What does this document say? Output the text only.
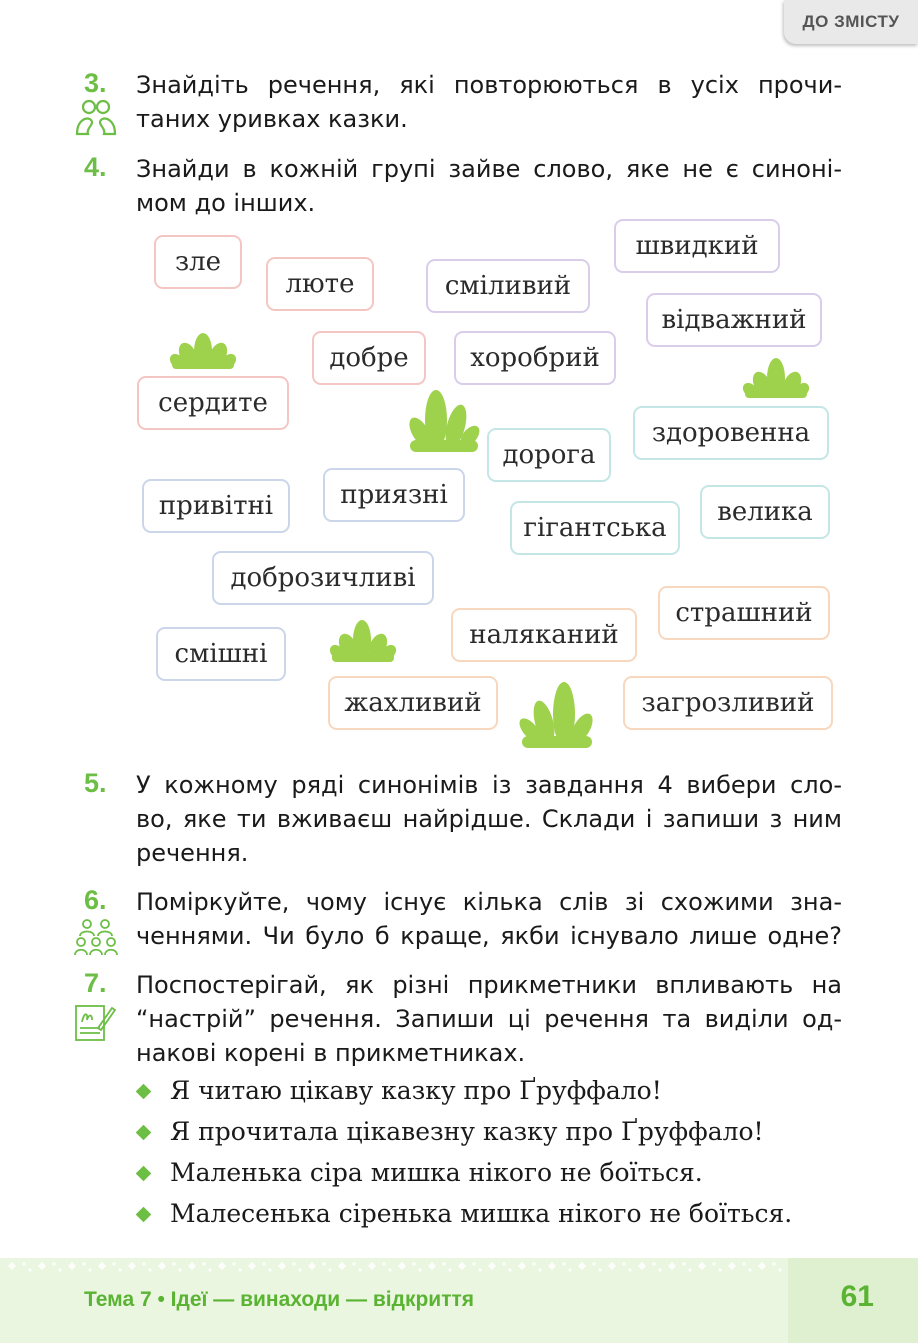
ДО ЗМІСТУ
3. Знайдіть речення, які повторюються в усіх прочи-
таних уривках казки.
4. Знайди в кожній групі зайве слово, яке не є синоні-
мом до інших.
зле
люте	сміливий
швидкий
відважний
добре	хоробрий
сердите
здоровенна
дорога
привітні	приязні
велика
гігантська
доброзичливі
страшний
наляканий
смішні
жахливий	загрозливий
5. У кожному ряді синонімів із завдання 4 вибери сло-
во, яке ти вживаєш найрідше. Склади і запиши з ним
речення.
6. Поміркуйте, чому існує кілька слів зі схожими зна-
ченнями. Чи було б краще, якби існувало лише одне?
7. Поспостерігай, як різні прикметники впливають на
“настрій” речення. Запиши ці речення та виділи од-
накові корені в прикметниках.
Я читаю цікаву казку про Ґруффало!
Я прочитала цікавезну казку про Ґруффало!
Маленька сіра мишка нікого не боїться.
Малесенька сіренька мишка нікого не боїться.
Тема 7 • Ідеї — винаходи — відкриття	61
